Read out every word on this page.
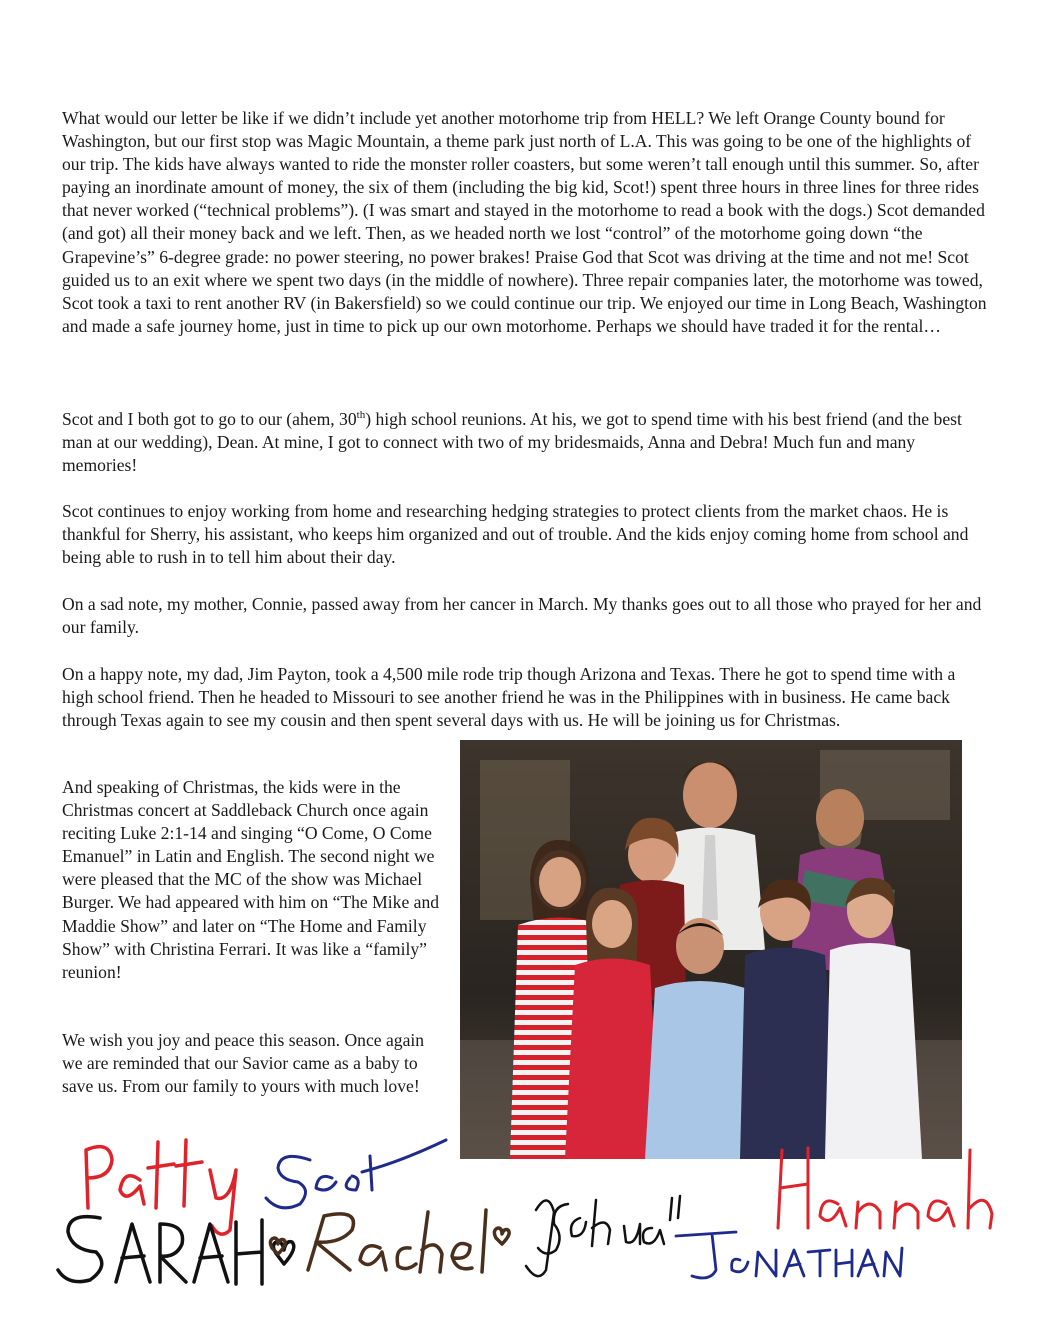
What would our letter be like if we didn’t include yet another motorhome trip from HELL? We left Orange County bound for Washington, but our first stop was Magic Mountain, a theme park just north of L.A. This was going to be one of the highlights of our trip. The kids have always wanted to ride the monster roller coasters, but some weren’t tall enough until this summer. So, after paying an inordinate amount of money, the six of them (including the big kid, Scot!) spent three hours in three lines for three rides that never worked (“technical problems”). (I was smart and stayed in the motorhome to read a book with the dogs.) Scot demanded (and got) all their money back and we left. Then, as we headed north we lost “control” of the motorhome going down “the Grapevine’s” 6-degree grade: no power steering, no power brakes! Praise God that Scot was driving at the time and not me! Scot guided us to an exit where we spent two days (in the middle of nowhere). Three repair companies later, the motorhome was towed, Scot took a taxi to rent another RV (in Bakersfield) so we could continue our trip. We enjoyed our time in Long Beach, Washington and made a safe journey home, just in time to pick up our own motorhome. Perhaps we should have traded it for the rental…

Scot and I both got to go to our (ahem, 30th) high school reunions. At his, we got to spend time with his best friend (and the best man at our wedding), Dean. At mine, I got to connect with two of my bridesmaids, Anna and Debra! Much fun and many memories!

Scot continues to enjoy working from home and researching hedging strategies to protect clients from the market chaos. He is thankful for Sherry, his assistant, who keeps him organized and out of trouble. And the kids enjoy coming home from school and being able to rush in to tell him about their day.

On a sad note, my mother, Connie, passed away from her cancer in March. My thanks goes out to all those who prayed for her and our family.

On a happy note, my dad, Jim Payton, took a 4,500 mile rode trip though Arizona and Texas. There he got to spend time with a high school friend. Then he headed to Missouri to see another friend he was in the Philippines with in business. He came back through Texas again to see my cousin and then spent several days with us. He will be joining us for Christmas.

And speaking of Christmas, the kids were in the Christmas concert at Saddleback Church once again reciting Luke 2:1-14 and singing “O Come, O Come Emanuel” in Latin and English. The second night we were pleased that the MC of the show was Michael Burger. We had appeared with him on “The Mike and Maddie Show” and later on “The Home and Family Show” with Christina Ferrari. It was like a “family” reunion!

We wish you joy and peace this season. Once again we are reminded that our Savior came as a baby to save us. From our family to yours with much love!
